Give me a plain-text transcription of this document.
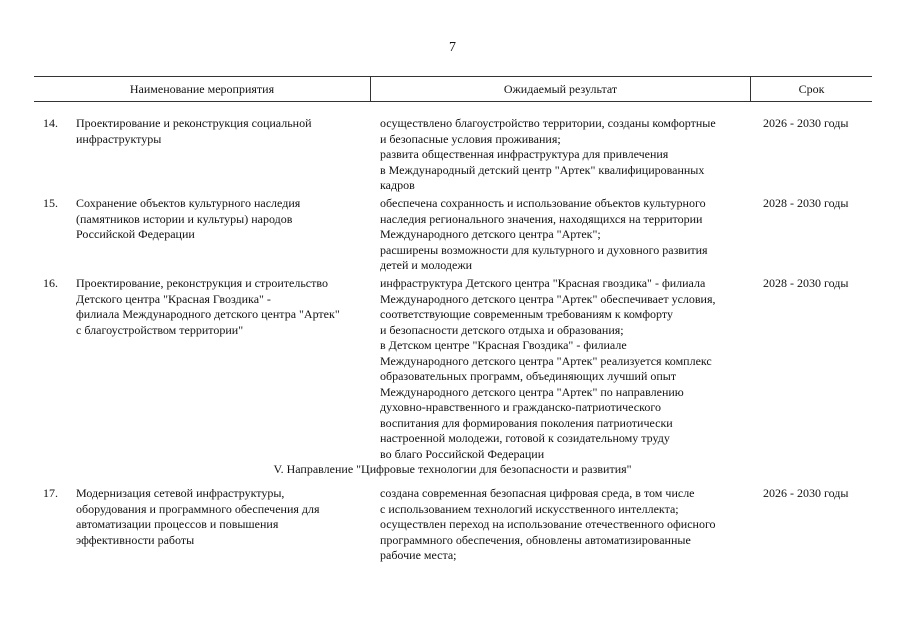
7
Наименование мероприятия	Ожидаемый результат	Срок
14. Проектирование и реконструкция социальной
инфраструктуры
осуществлено благоустройство территории, созданы комфортные
и безопасные условия проживания;
развита общественная инфраструктура для привлечения
в Международный детский центр "Артек" квалифицированных
кадров
2026 - 2030 годы
15. Сохранение объектов культурного наследия
(памятников истории и культуры) народов
Российской Федерации
обеспечена сохранность и использование объектов культурного
наследия регионального значения, находящихся на территории
Международного детского центра "Артек";
расширены возможности для культурного и духовного развития
детей и молодежи
2028 - 2030 годы
16. Проектирование, реконструкция и строительство
Детского центра "Красная Гвоздика" -
филиала Международного детского центра "Артек"
с благоустройством территории"
инфраструктура Детского центра "Красная гвоздика" - филиала
Международного детского центра "Артек" обеспечивает условия,
соответствующие современным требованиям к комфорту
и безопасности детского отдыха и образования;
в Детском центре "Красная Гвоздика" - филиале
Международного детского центра "Артек" реализуется комплекс
образовательных программ, объединяющих лучший опыт
Международного детского центра "Артек" по направлению
духовно-нравственного и гражданско-патриотического
воспитания для формирования поколения патриотически
настроенной молодежи, готовой к созидательному труду
во благо Российской Федерации
2028 - 2030 годы
V. Направление "Цифровые технологии для безопасности и развития"
17. Модернизация сетевой инфраструктуры,
оборудования и программного обеспечения для
автоматизации процессов и повышения
эффективности работы
создана современная безопасная цифровая среда, в том числе
с использованием технологий искусственного интеллекта;
осуществлен переход на использование отечественного офисного
программного обеспечения, обновлены автоматизированные
рабочие места;
2026 - 2030 годы
